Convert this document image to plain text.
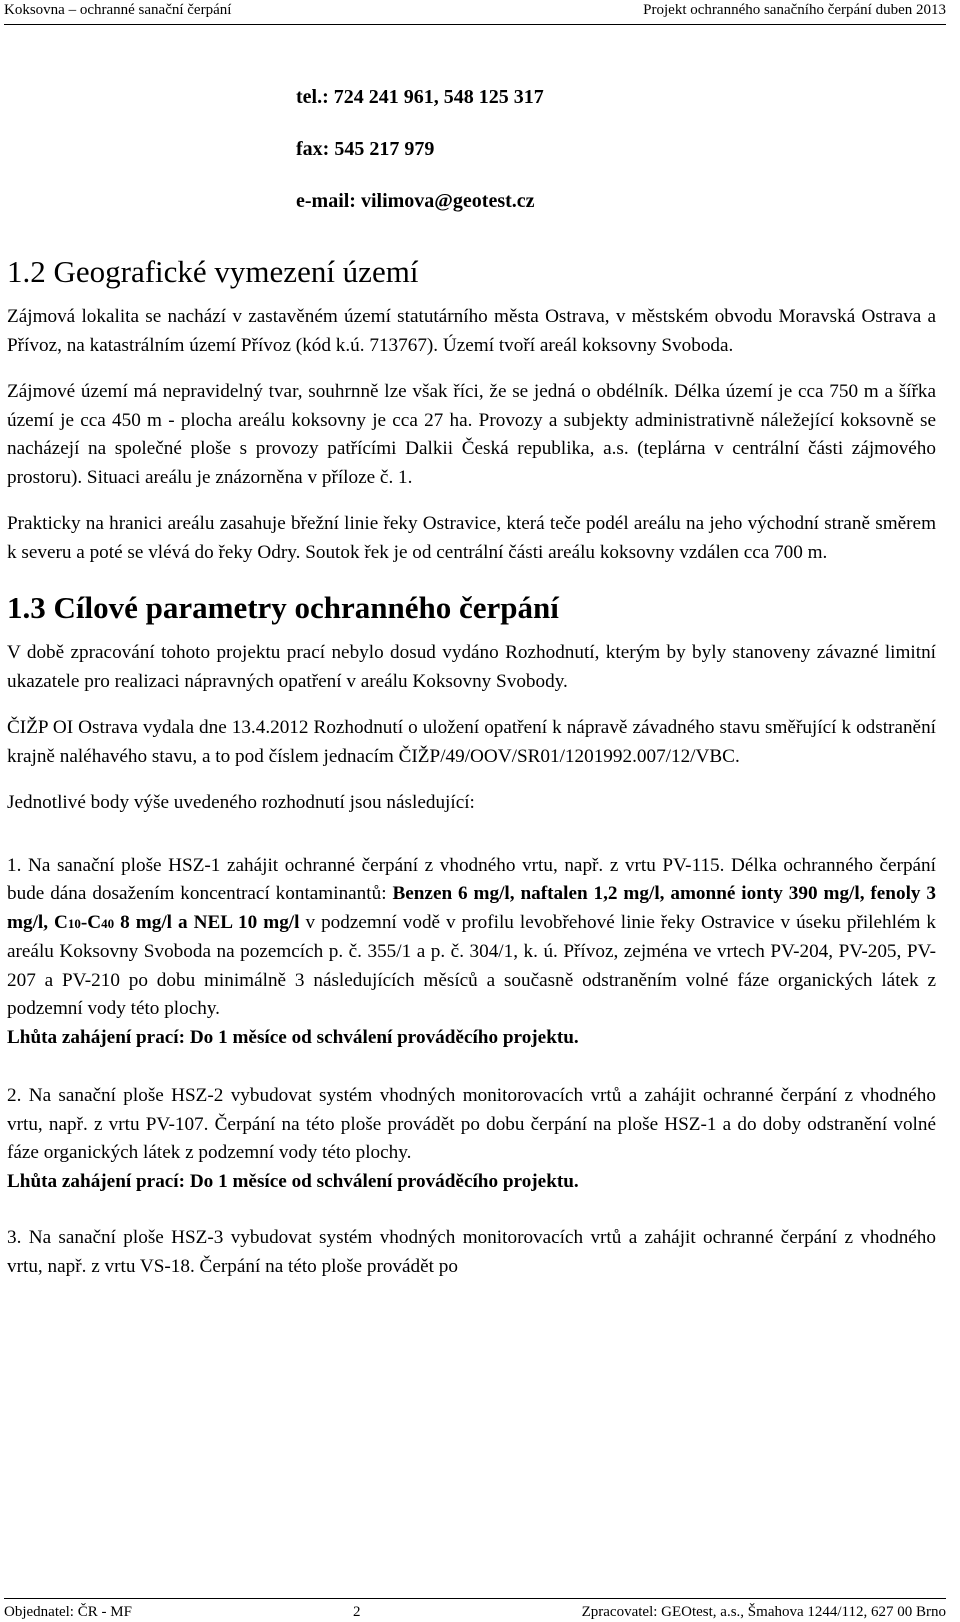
Koksovna – ochranné sanační čerpání	Projekt ochranného sanačního čerpání duben 2013
tel.: 724 241 961, 548 125 317
fax: 545 217 979
e-mail: vilimova@geotest.cz
1.2 Geografické vymezení území

Zájmová lokalita se nachází v zastavěném území statutárního města Ostrava, v městském obvodu Moravská Ostrava a Přívoz, na katastrálním území Přívoz (kód k.ú. 713767). Území tvoří areál koksovny Svoboda.

Zájmové území má nepravidelný tvar, souhrnně lze však říci, že se jedná o obdélník. Délka území je cca 750 m a šířka území je cca 450 m - plocha areálu koksovny je cca 27 ha. Provozy a subjekty administrativně náležející koksovně se nacházejí na společné ploše s provozy patřícími Dalkii Česká republika, a.s. (teplárna v centrální části zájmového prostoru). Situaci areálu je znázorněna v příloze č. 1.

Prakticky na hranici areálu zasahuje břežní linie řeky Ostravice, která teče podél areálu na jeho východní straně směrem k severu a poté se vlévá do řeky Odry. Soutok řek je od centrální části areálu koksovny vzdálen cca 700 m.

1.3 Cílové parametry ochranného čerpání

V době zpracování tohoto projektu prací nebylo dosud vydáno Rozhodnutí, kterým by byly stanoveny závazné limitní ukazatele pro realizaci nápravných opatření v areálu Koksovny Svobody.

ČIŽP OI Ostrava vydala dne 13.4.2012 Rozhodnutí o uložení opatření k nápravě závadného stavu směřující k odstranění krajně naléhavého stavu, a to pod číslem jednacím ČIŽP/49/OOV/SR01/1201992.007/12/VBC.

Jednotlivé body výše uvedeného rozhodnutí jsou následující:

1. Na sanační ploše HSZ-1 zahájit ochranné čerpání z vhodného vrtu, např. z vrtu PV-115. Délka ochranného čerpání bude dána dosažením koncentrací kontaminantů: Benzen 6 mg/l, naftalen 1,2 mg/l, amonné ionty 390 mg/l, fenoly 3 mg/l, C10-C40 8 mg/l a NEL 10 mg/l v podzemní vodě v profilu levobřehové linie řeky Ostravice v úseku přilehlém k areálu Koksovny Svoboda na pozemcích p. č. 355/1 a p. č. 304/1, k. ú. Přívoz, zejména ve vrtech PV-204, PV-205, PV-207 a PV-210 po dobu minimálně 3 následujících měsíců a současně odstraněním volné fáze organických látek z podzemní vody této plochy.

Lhůta zahájení prací: Do 1 měsíce od schválení prováděcího projektu.

2. Na sanační ploše HSZ-2 vybudovat systém vhodných monitorovacích vrtů a zahájit ochranné čerpání z vhodného vrtu, např. z vrtu PV-107. Čerpání na této ploše provádět po dobu čerpání na ploše HSZ-1 a do doby odstranění volné fáze organických látek z podzemní vody této plochy.

Lhůta zahájení prací: Do 1 měsíce od schválení prováděcího projektu.

3. Na sanační ploše HSZ-3 vybudovat systém vhodných monitorovacích vrtů a zahájit ochranné čerpání z vhodného vrtu, např. z vrtu VS-18. Čerpání na této ploše provádět po

Objednatel: ČR - MF	2	Zpracovatel: GEOtest, a.s., Šmahova 1244/112, 627 00 Brno
